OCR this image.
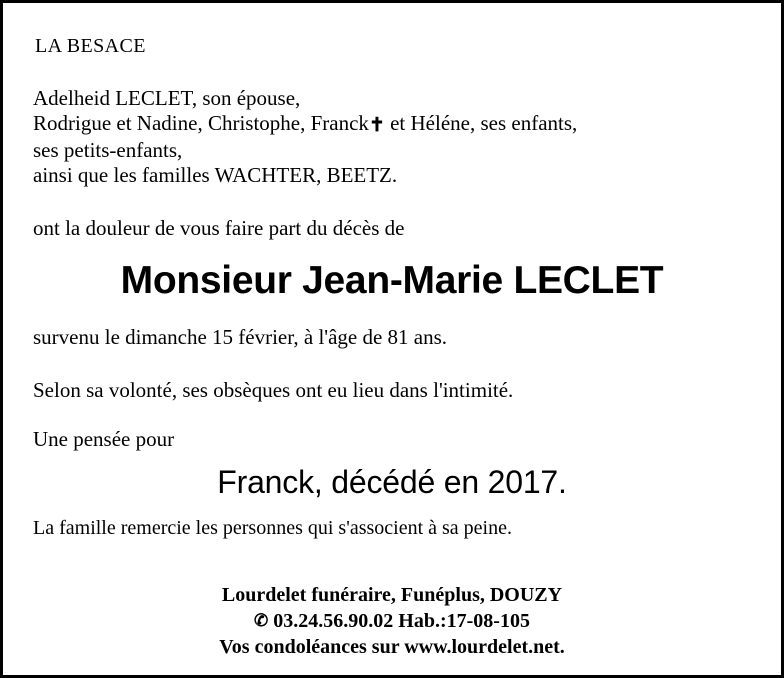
LA BESACE
Adelheid LECLET, son épouse,
Rodrigue et Nadine, Christophe, Franck✝ et Héléne, ses enfants,
ses petits-enfants,
ainsi que les familles WACHTER, BEETZ.
ont la douleur de vous faire part du décès de
Monsieur Jean-Marie LECLET
survenu le dimanche 15 février, à l'âge de 81 ans.
Selon sa volonté, ses obsèques ont eu lieu dans l'intimité.
Une pensée pour
Franck, décédé en 2017.
La famille remercie les personnes qui s'associent à sa peine.
Lourdelet funéraire, Funéplus, DOUZY
✆ 03.24.56.90.02 Hab.:17-08-105
Vos condoléances sur www.lourdelet.net.
